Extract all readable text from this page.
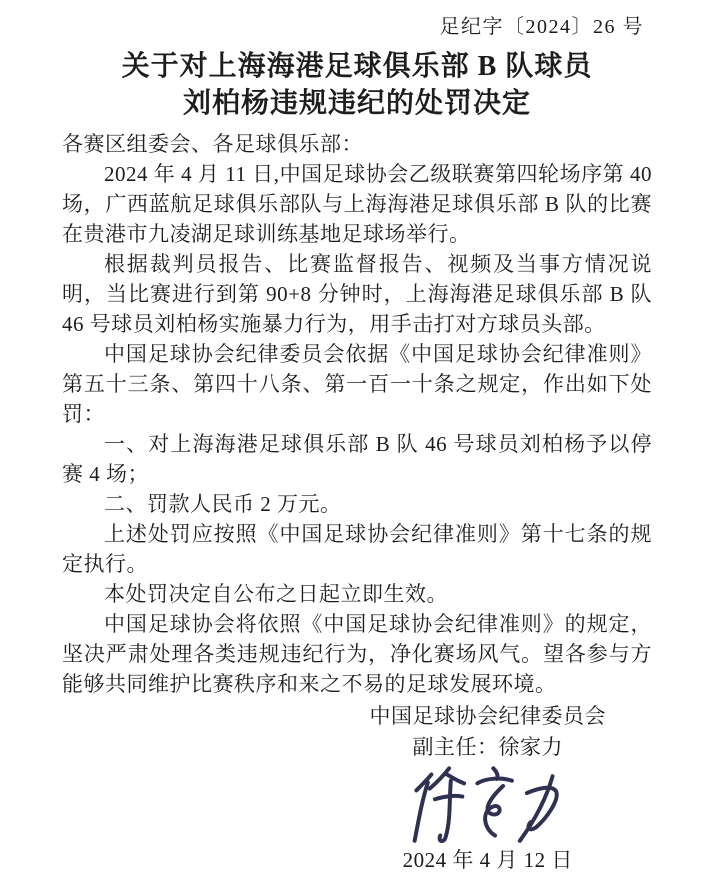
足纪字〔2024〕26 号
关于对上海海港足球俱乐部 B 队球员
刘柏杨违规违纪的处罚决定

各赛区组委会、各足球俱乐部：

2024 年 4 月 11 日,中国足球协会乙级联赛第四轮场序第 40 场，广西蓝航足球俱乐部队与上海海港足球俱乐部 B 队的比赛在贵港市九凌湖足球训练基地足球场举行。

根据裁判员报告、比赛监督报告、视频及当事方情况说明，当比赛进行到第 90+8 分钟时，上海海港足球俱乐部 B 队 46 号球员刘柏杨实施暴力行为，用手击打对方球员头部。

中国足球协会纪律委员会依据《中国足球协会纪律准则》第五十三条、第四十八条、第一百一十条之规定，作出如下处罚：

一、对上海海港足球俱乐部 B 队 46 号球员刘柏杨予以停赛 4 场；

二、罚款人民币 2 万元。

上述处罚应按照《中国足球协会纪律准则》第十七条的规定执行。

本处罚决定自公布之日起立即生效。

中国足球协会将依照《中国足球协会纪律准则》的规定，坚决严肃处理各类违规违纪行为，净化赛场风气。望各参与方能够共同维护比赛秩序和来之不易的足球发展环境。

中国足球协会纪律委员会
副主任：徐家力
2024 年 4 月 12 日
